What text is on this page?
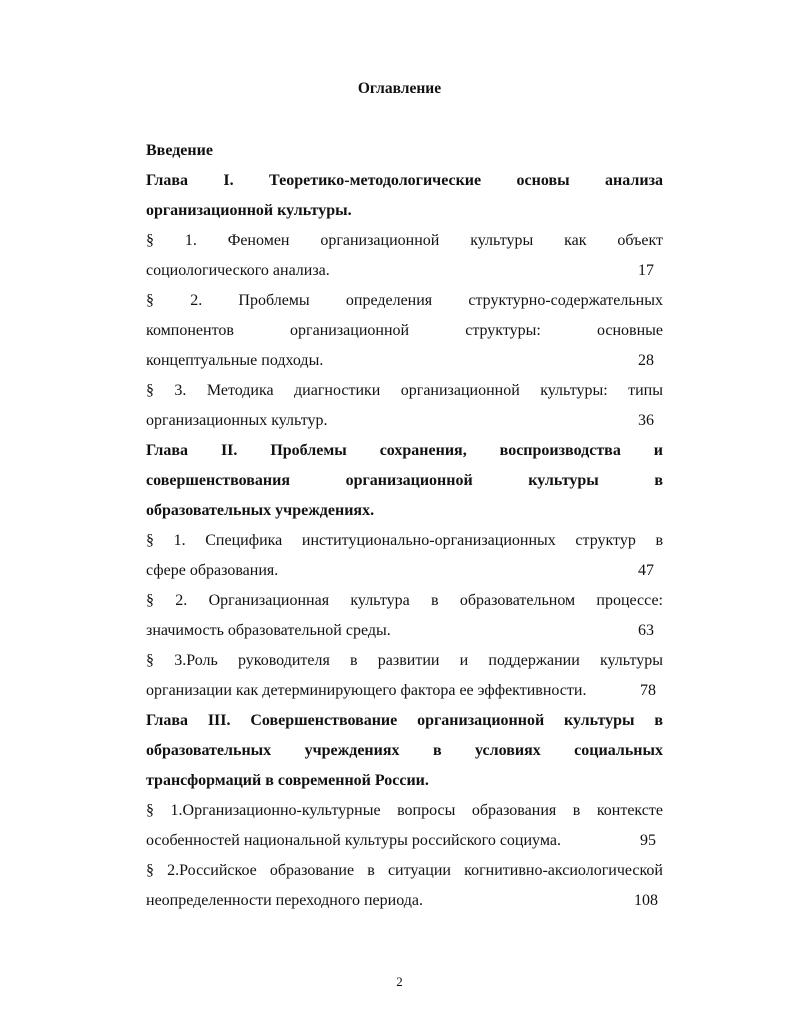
Оглавление
Введение
Глава I. Теоретико-методологические основы анализа
организационной культуры.
§ 1. Феномен организационной культуры как объект
социологического анализа.	17
§ 2. Проблемы определения структурно-содержательных
компонентов организационной структуры: основные
концептуальные подходы.	28
§ 3. Методика диагностики организационной культуры: типы
организационных культур.	36
Глава II. Проблемы сохранения, воспроизводства и
совершенствования организационной культуры в
образовательных учреждениях.
§ 1. Специфика институционально-организационных структур в
сфере образования.	47
§ 2. Организационная культура в образовательном процессе:
значимость образовательной среды.	63
§ 3.Роль руководителя в развитии и поддержании культуры
организации как детерминирующего фактора ее эффективности.	78
Глава III. Совершенствование организационной культуры в
образовательных учреждениях в условиях социальных
трансформаций в современной России.
§ 1.Организационно-культурные вопросы образования в контексте
особенностей национальной культуры российского социума.	95
§ 2.Российское образование в ситуации когнитивно-аксиологической
неопределенности переходного периода.	108
2
